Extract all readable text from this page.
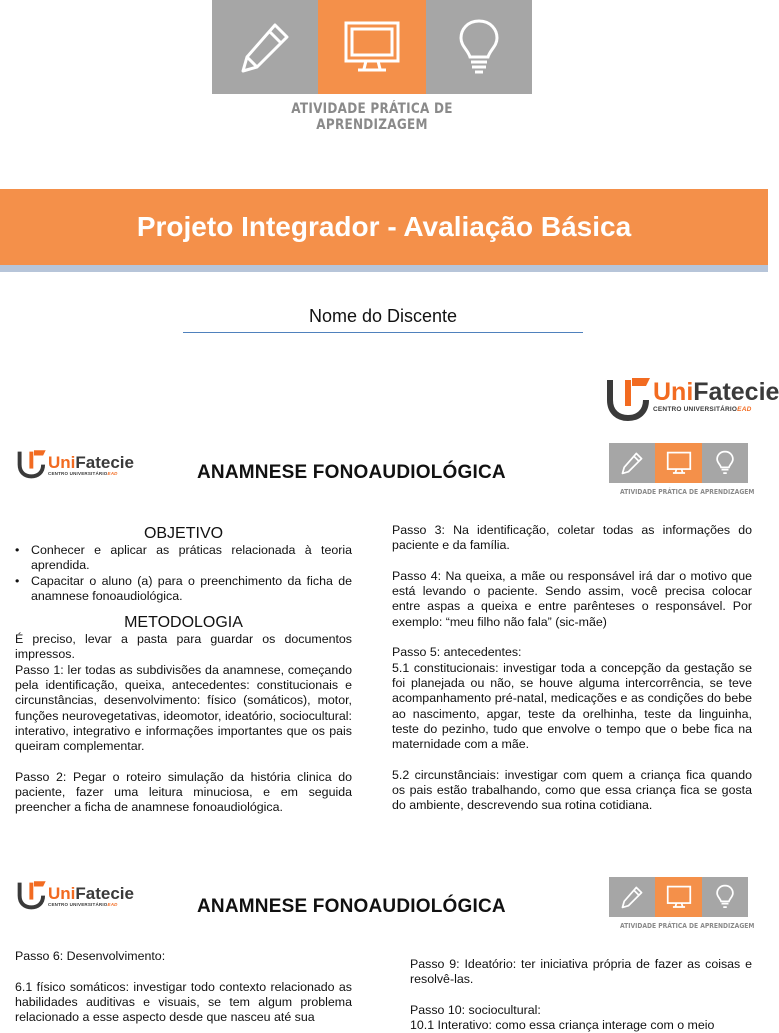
ATIVIDADE PRÁTICA DE APRENDIZAGEM
Projeto Integrador - Avaliação Básica
Nome do Discente
UniFatecie
CENTRO UNIVERSITÁRIOEAD
UniFatecie
CENTRO UNIVERSITÁRIOEAD	ANAMNESE FONOAUDIOLÓGICA
ATIVIDADE PRÁTICA DE APRENDIZAGEM
OBJETIVO
• Conhecer e aplicar as práticas relacionada à teoria aprendida.
• Capacitar o aluno (a) para o preenchimento da ficha de anamnese fonoaudiológica.
METODOLOGIA
É preciso, levar a pasta para guardar os documentos impressos.

Passo 1: ler todas as subdivisões da anamnese, começando pela identificação, queixa, antecedentes: constitucionais e circunstâncias, desenvolvimento: físico (somáticos), motor, funções neurovegetativas, ideomotor, ideatório, sociocultural: interativo, integrativo e informações importantes que os pais queiram complementar.

Passo 2: Pegar o roteiro simulação da história clinica do paciente, fazer uma leitura minuciosa, e em seguida preencher a ficha de anamnese fonoaudiológica.

Passo 3: Na identificação, coletar todas as informações do paciente e da família.

Passo 4: Na queixa, a mãe ou responsável irá dar o motivo que está levando o paciente. Sendo assim, você precisa colocar entre aspas a queixa e entre parênteses o responsável. Por exemplo: “meu filho não fala” (sic-mãe)

Passo 5: antecedentes:

5.1 constitucionais: investigar toda a concepção da gestação se foi planejada ou não, se houve alguma intercorrência, se teve acompanhamento pré-natal, medicações e as condições do bebe ao nascimento, apgar, teste da orelhinha, teste da linguinha, teste do pezinho, tudo que envolve o tempo que o bebe fica na maternidade com a mãe.

5.2 circunstânciais: investigar com quem a criança fica quando os pais estão trabalhando, como que essa criança fica se gosta do ambiente, descrevendo sua rotina cotidiana.

UniFatecie
CENTRO UNIVERSITÁRIOEAD	ANAMNESE FONOAUDIOLÓGICA
ATIVIDADE PRÁTICA DE APRENDIZAGEM

Passo 6: Desenvolvimento:

6.1 físico somáticos: investigar todo contexto relacionado as habilidades auditivas e visuais, se tem algum problema relacionado a esse aspecto desde que nasceu até sua

Passo 9: Ideatório: ter iniciativa própria de fazer as coisas e resolvê-las.

Passo 10: sociocultural:
10.1 Interativo: como essa criança interage com o meio
